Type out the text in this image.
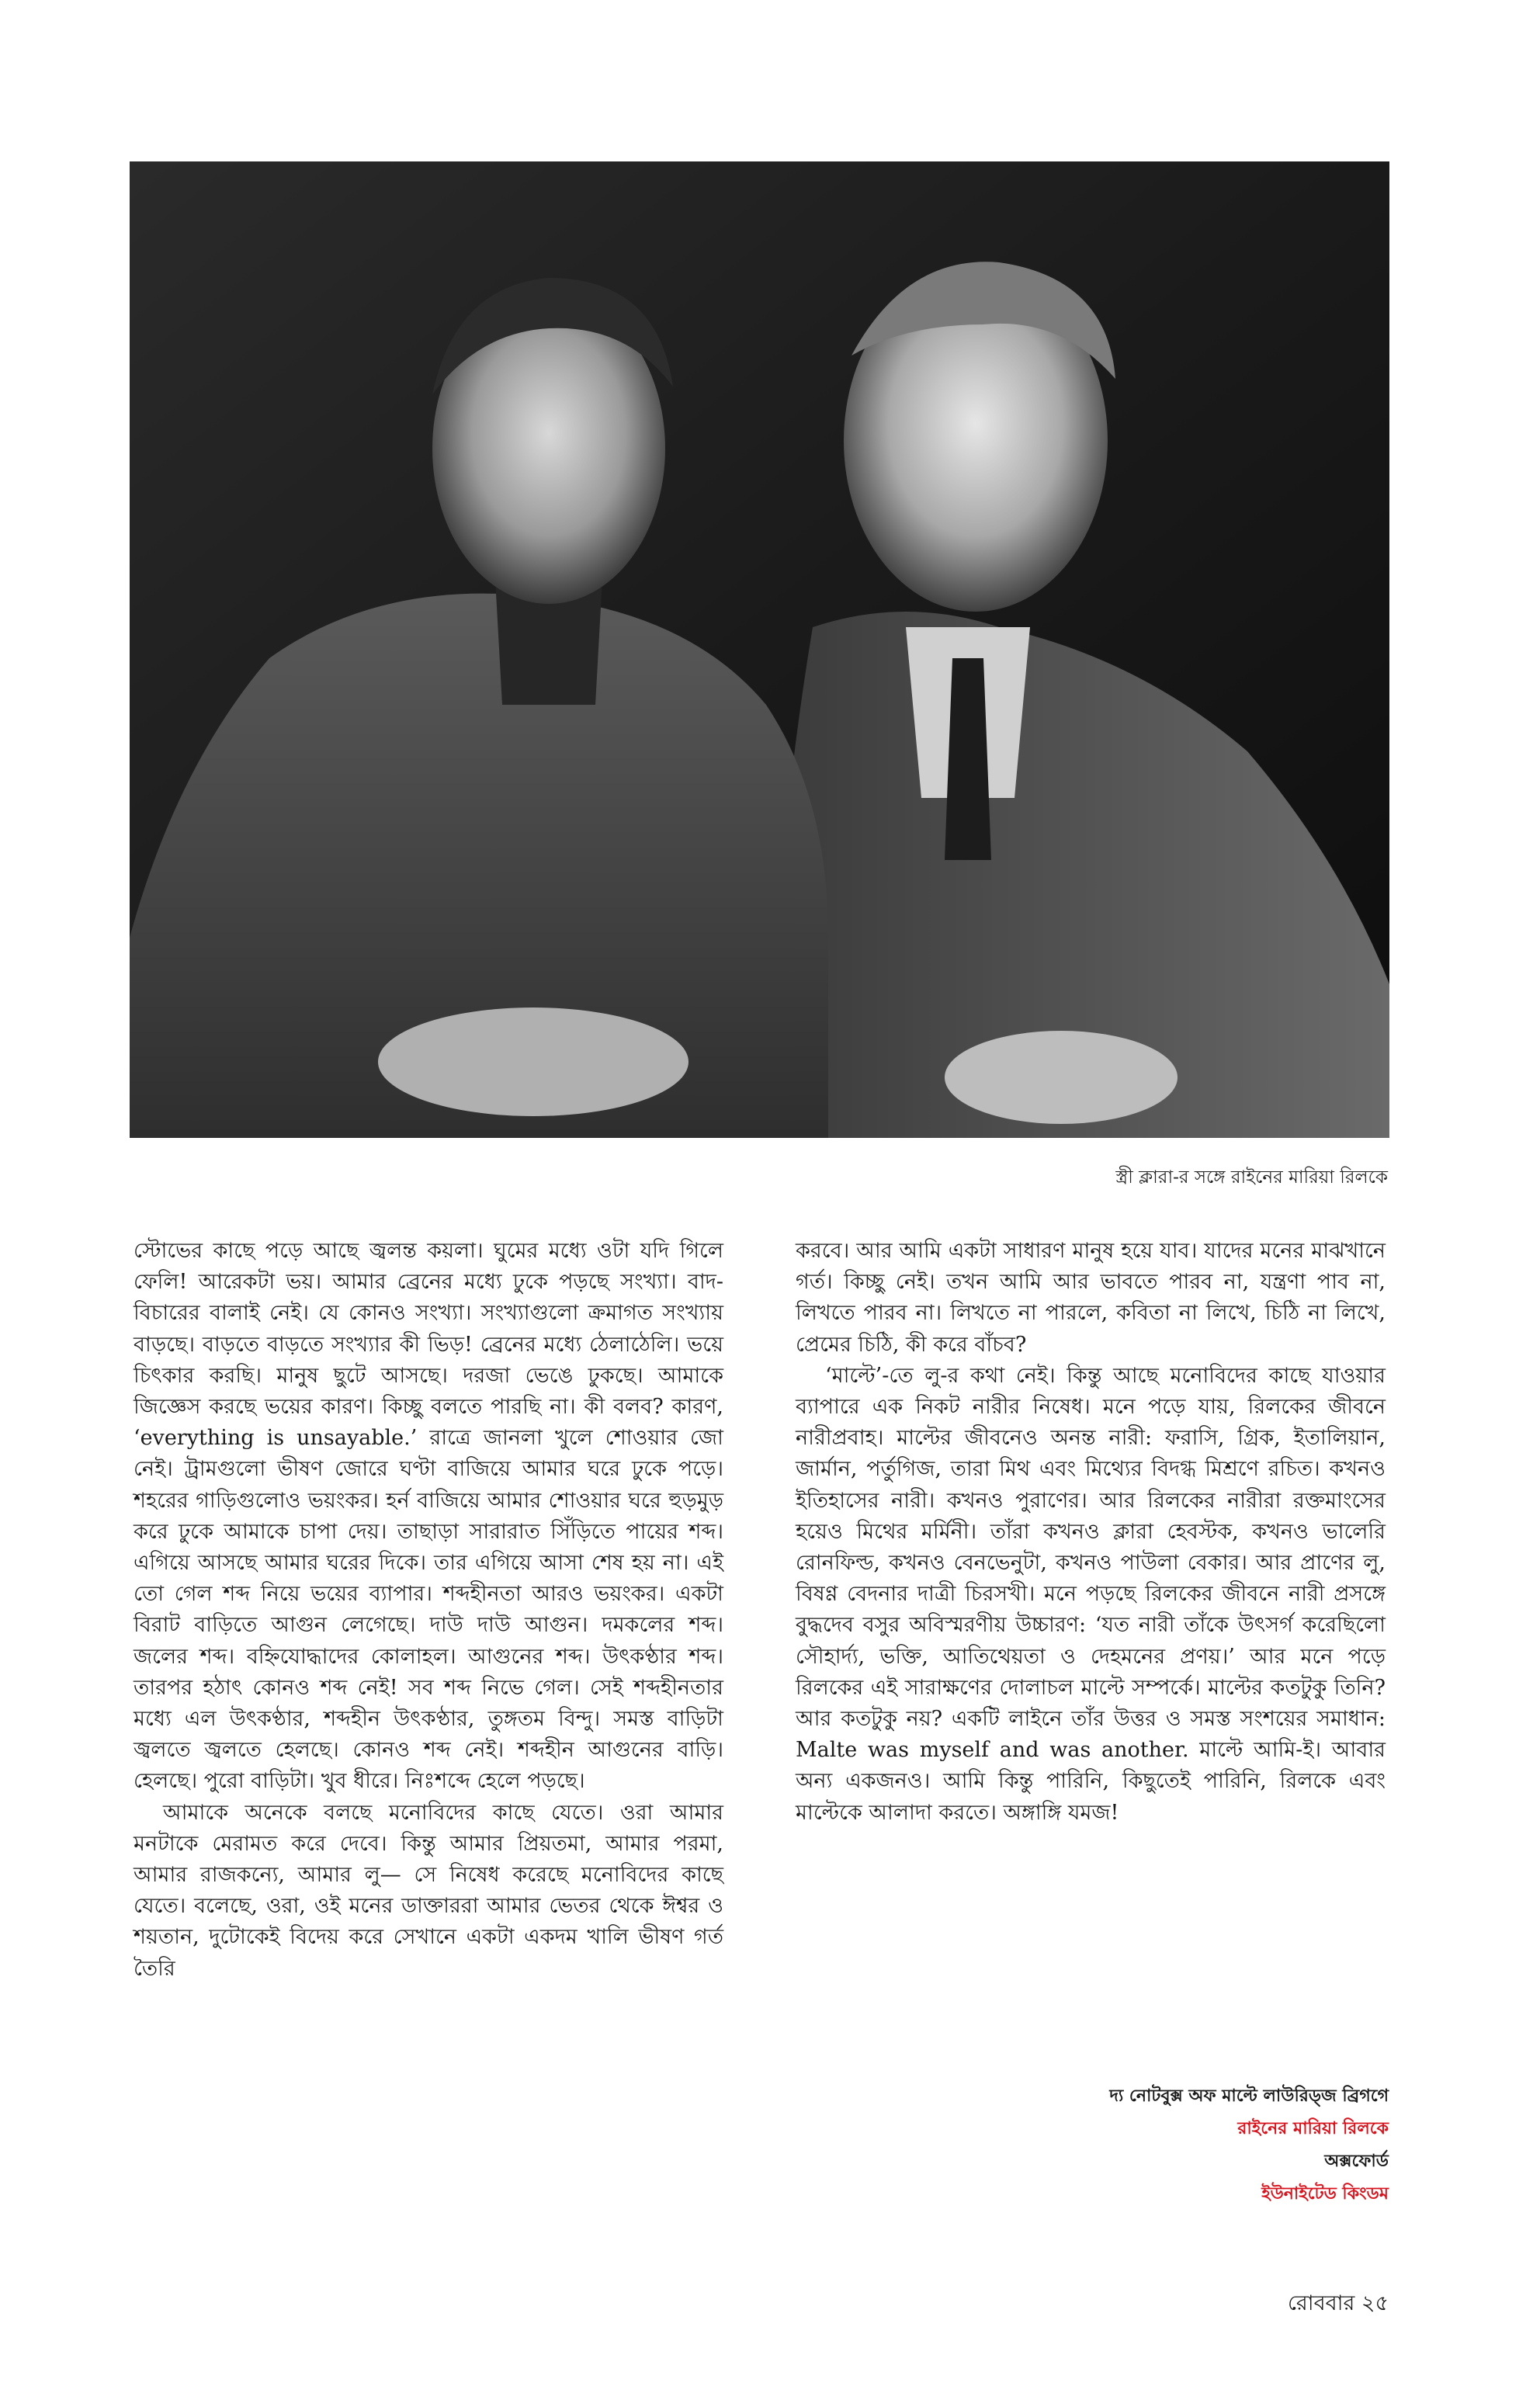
স্ত্রী ক্লারা-র সঙ্গে রাইনের মারিয়া রিলকে

স্টোভের কাছে পড়ে আছে জ্বলন্ত কয়লা। ঘুমের মধ্যে ওটা যদি গিলে ফেলি! আরেকটা ভয়। আমার ব্রেনের মধ্যে ঢুকে পড়ছে সংখ্যা। বাদ-বিচারের বালাই নেই। যে কোনও সংখ্যা। সংখ্যাগুলো ক্রমাগত সংখ্যায় বাড়ছে। বাড়তে বাড়তে সংখ্যার কী ভিড়! ব্রেনের মধ্যে ঠেলাঠেলি। ভয়ে চিৎকার করছি। মানুষ ছুটে আসছে। দরজা ভেঙে ঢুকছে। আমাকে জিজ্ঞেস করছে ভয়ের কারণ। কিচ্ছু বলতে পারছি না। কী বলব? কারণ, ‘everything is unsayable.’ রাত্রে জানলা খুলে শোওয়ার জো নেই। ট্রামগুলো ভীষণ জোরে ঘণ্টা বাজিয়ে আমার ঘরে ঢুকে পড়ে। শহরের গাড়িগুলোও ভয়ংকর। হর্ন বাজিয়ে আমার শোওয়ার ঘরে হুড়মুড় করে ঢুকে আমাকে চাপা দেয়। তাছাড়া সারারাত সিঁড়িতে পায়ের শব্দ। এগিয়ে আসছে আমার ঘরের দিকে। তার এগিয়ে আসা শেষ হয় না। এই তো গেল শব্দ নিয়ে ভয়ের ব্যাপার। শব্দহীনতা আরও ভয়ংকর। একটা বিরাট বাড়িতে আগুন লেগেছে। দাউ দাউ আগুন। দমকলের শব্দ। জলের শব্দ। বহ্নিযোদ্ধাদের কোলাহল। আগুনের শব্দ। উৎকণ্ঠার শব্দ। তারপর হঠাৎ কোনও শব্দ নেই! সব শব্দ নিভে গেল। সেই শব্দহীনতার মধ্যে এল উৎকণ্ঠার, শব্দহীন উৎকণ্ঠার, তুঙ্গতম বিন্দু। সমস্ত বাড়িটা জ্বলতে জ্বলতে হেলছে। কোনও শব্দ নেই। শব্দহীন আগুনের বাড়ি। হেলছে। পুরো বাড়িটা। খুব ধীরে। নিঃশব্দে হেলে পড়ছে।

আমাকে অনেকে বলছে মনোবিদের কাছে যেতে। ওরা আমার মনটাকে মেরামত করে দেবে। কিন্তু আমার প্রিয়তমা, আমার পরমা, আমার রাজকন্যে, আমার লু— সে নিষেধ করেছে মনোবিদের কাছে যেতে। বলেছে, ওরা, ওই মনের ডাক্তাররা আমার ভেতর থেকে ঈশ্বর ও শয়তান, দুটোকেই বিদেয় করে সেখানে একটা একদম খালি ভীষণ গর্ত তৈরি

করবে। আর আমি একটা সাধারণ মানুষ হয়ে যাব। যাদের মনের মাঝখানে গর্ত। কিচ্ছু নেই। তখন আমি আর ভাবতে পারব না, যন্ত্রণা পাব না, লিখতে পারব না। লিখতে না পারলে, কবিতা না লিখে, চিঠি না লিখে, প্রেমের চিঠি, কী করে বাঁচব?

‘মাল্টে’-তে লু-র কথা নেই। কিন্তু আছে মনোবিদের কাছে যাওয়ার ব্যাপারে এক নিকট নারীর নিষেধ। মনে পড়ে যায়, রিলকের জীবনে নারীপ্রবাহ। মাল্টের জীবনেও অনন্ত নারী: ফরাসি, গ্রিক, ইতালিয়ান, জার্মান, পর্তুগিজ, তারা মিথ এবং মিথ্যের বিদগ্ধ মিশ্রণে রচিত। কখনও ইতিহাসের নারী। কখনও পুরাণের। আর রিলকের নারীরা রক্তমাংসের হয়েও মিথের মর্মিনী। তাঁরা কখনও ক্লারা হেবস্টক, কখনও ভালেরি রোনফিল্ড, কখনও বেনভেনুটা, কখনও পাউলা বেকার। আর প্রাণের লু, বিষণ্ণ বেদনার দাত্রী চিরসখী। মনে পড়ছে রিলকের জীবনে নারী প্রসঙ্গে বুদ্ধদেব বসুর অবিস্মরণীয় উচ্চারণ: ‘যত নারী তাঁকে উৎসর্গ করেছিলো সৌহার্দ্য, ভক্তি, আতিথেয়তা ও দেহমনের প্রণয়।’ আর মনে পড়ে রিলকের এই সারাক্ষণের দোলাচল মাল্টে সম্পর্কে। মাল্টের কতটুকু তিনি? আর কতটুকু নয়? একটি লাইনে তাঁর উত্তর ও সমস্ত সংশয়ের সমাধান: Malte was myself and was another. মাল্টে আমি-ই। আবার অন্য একজনও। আমি কিন্তু পারিনি, কিছুতেই পারিনি, রিলকে এবং মাল্টেকে আলাদা করতে। অঙ্গাঙ্গি যমজ!

দ্য নোটবুক্স অফ মাল্টে লাউরিড্জ ব্রিগগে
রাইনের মারিয়া রিলকে
অক্সফোর্ড
ইউনাইটেড কিংডম
রোববার ২৫
